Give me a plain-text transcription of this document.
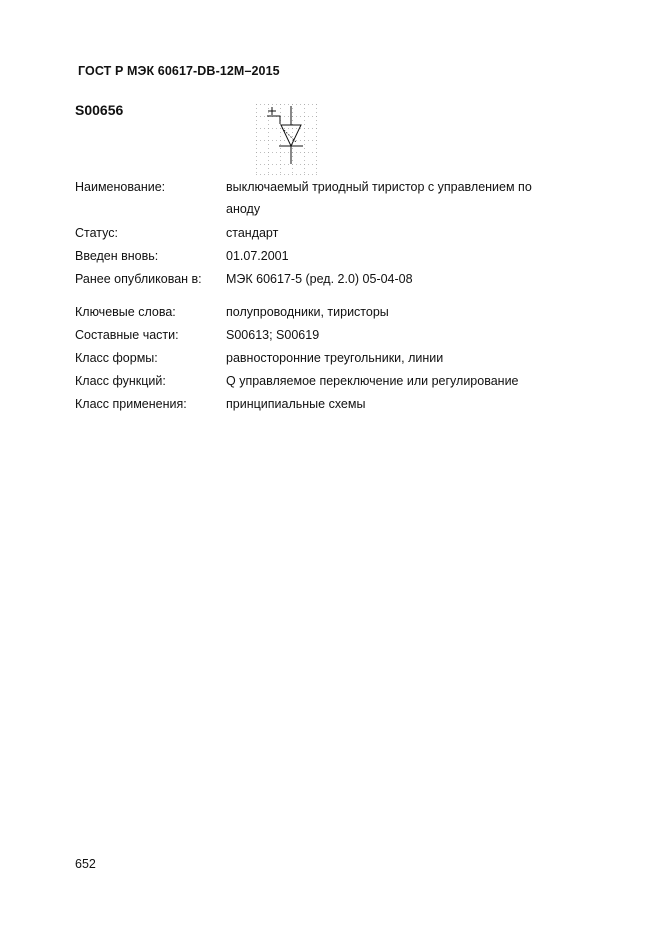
ГОСТ Р МЭК 60617-DB-12M–2015
S00656
Наименование:	выключаемый триодный тиристор с управлением по аноду
Статус:	стандарт
Введен вновь:	01.07.2001
Ранее опубликован в: МЭК 60617-5 (ред. 2.0) 05-04-08
Ключевые слова:	полупроводники, тиристоры
Составные части:	S00613; S00619
Класс формы:	равносторонние треугольники, линии
Класс функций:	Q управляемое переключение или регулирование
Класс применения:	принципиальные схемы
652
